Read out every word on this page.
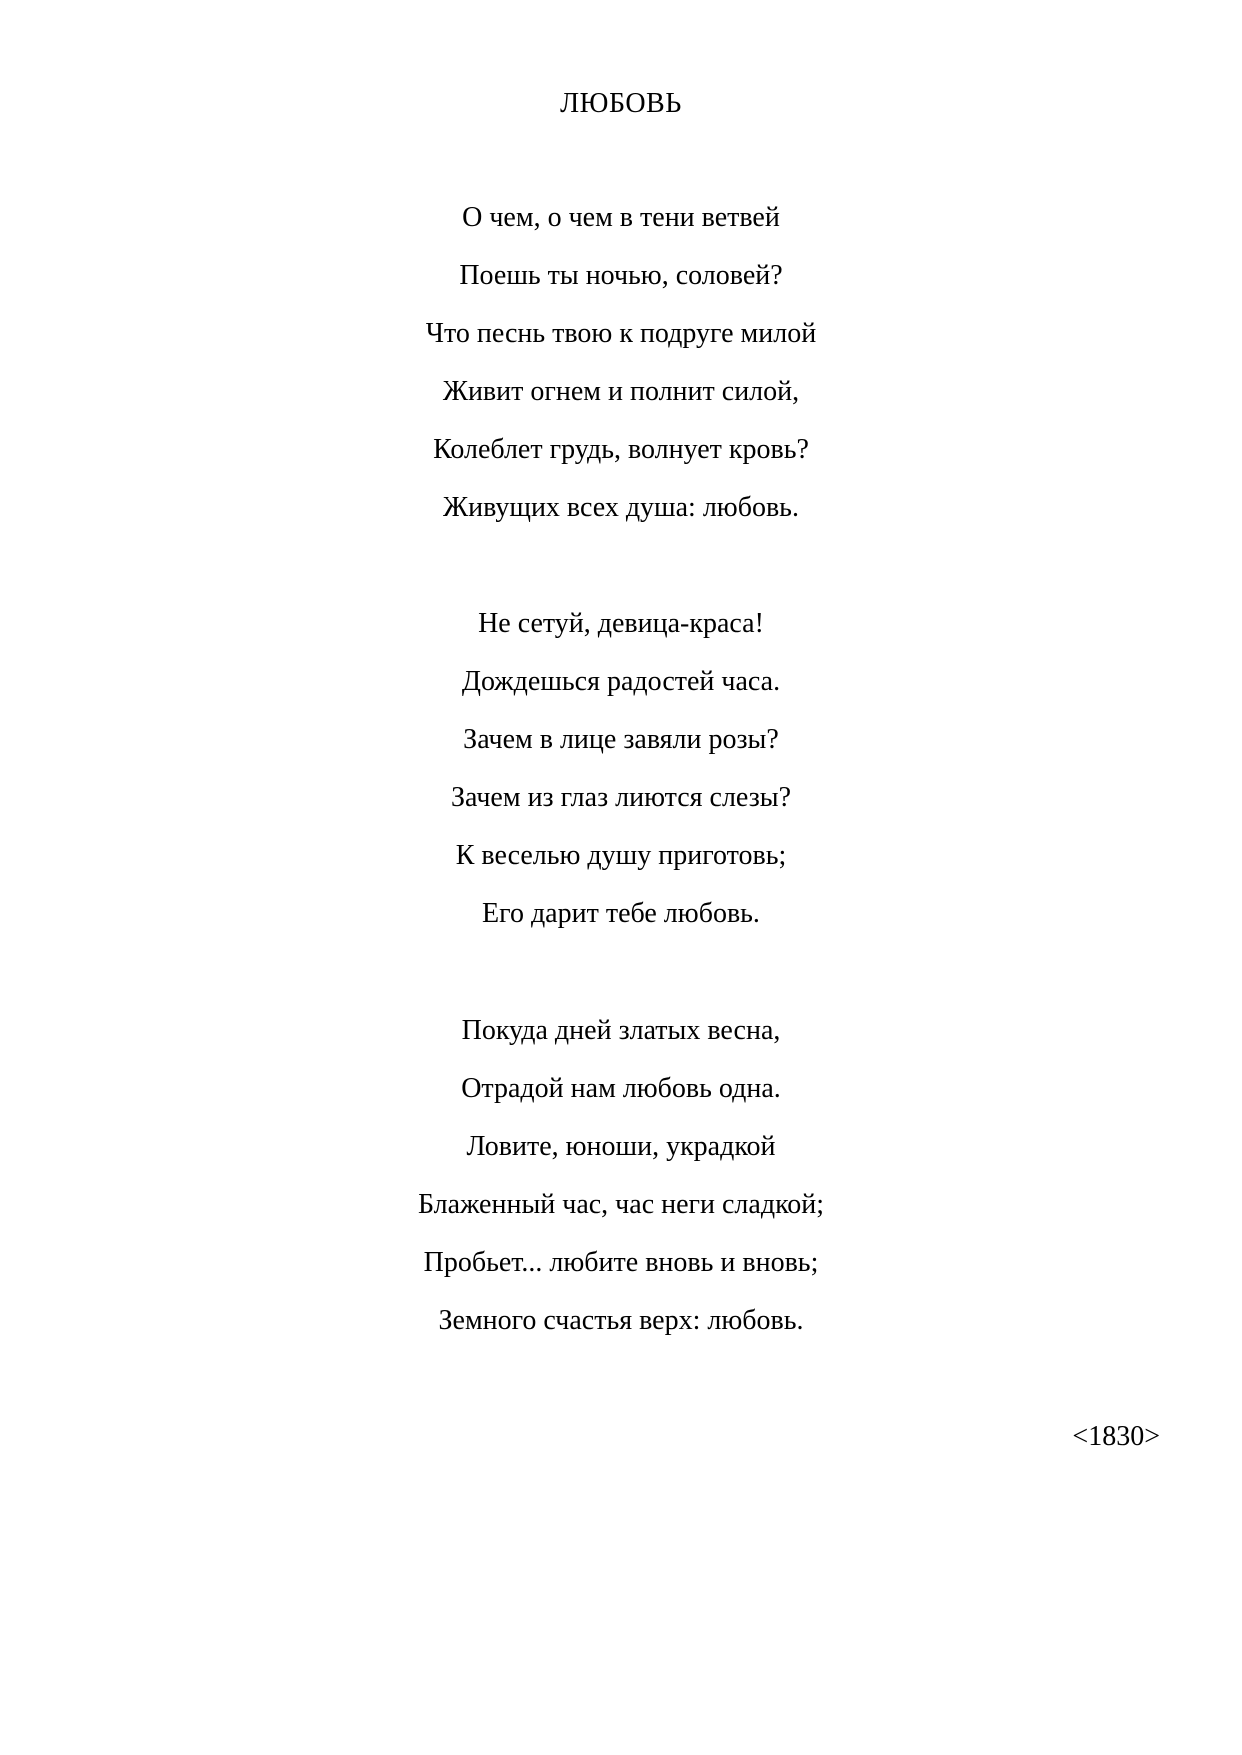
ЛЮБОВЬ
О чем, о чем в тени ветвей
Поешь ты ночью, соловей?
Что песнь твою к подруге милой
Живит огнем и полнит силой,
Колеблет грудь, волнует кровь?
Живущих всех душа: любовь.
Не сетуй, девица-краса!
Дождешься радостей часа.
Зачем в лице завяли розы?
Зачем из глаз лиются слезы?
К веселью душу приготовь;
Его дарит тебе любовь.
Покуда дней златых весна,
Отрадой нам любовь одна.
Ловите, юноши, украдкой
Блаженный час, час неги сладкой;
Пробьет... любите вновь и вновь;
Земного счастья верх: любовь.
<1830>
